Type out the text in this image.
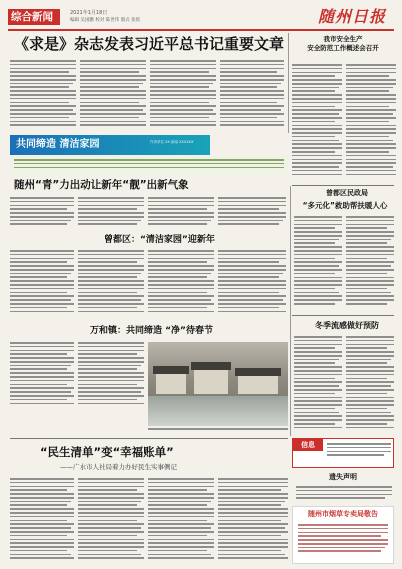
综合新闻	2021年1月18日
编辑 吴国鹏 校对 陈世伟 版式 张铭	随州日报
《求是》杂志发表习近平总书记重要文章	我市安全生产
安全防范工作概述会召开
共同缔造 清洁家园	作者单位 XX 新闻 XXXXXX
随州“青”力出动让新年“靓”出新气象
曾都区：“清洁家园”迎新年
万和镇：共同缔造 “净”待春节
曾都区民政局
“多元化”救助帮扶暖人心
冬季流感做好预防
“民生清单”变“幸福账单”
——广水市人社局着力办好民生实事侧记
信息
遗失声明
随州市烟草专卖局敬告
